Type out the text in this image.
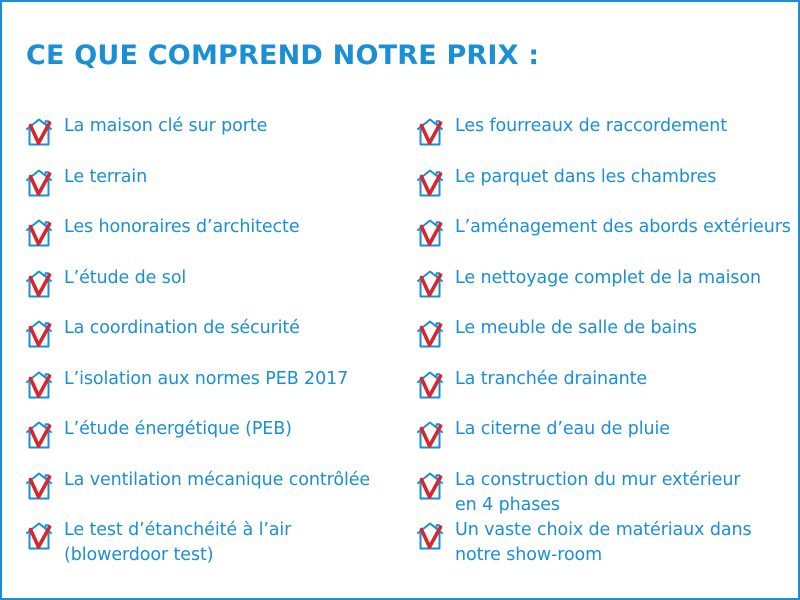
CE QUE COMPREND NOTRE PRIX :
La maison clé sur porte
Le terrain
Les honoraires d’architecte
L’étude de sol
La coordination de sécurité
L’isolation aux normes PEB 2017
L’étude énergétique (PEB)
La ventilation mécanique contrôlée
Le test d’étanchéité à l’air
(blowerdoor test)
Les fourreaux de raccordement
Le parquet dans les chambres
L’aménagement des abords extérieurs
Le nettoyage complet de la maison
Le meuble de salle de bains
La tranchée drainante
La citerne d’eau de pluie
La construction du mur extérieur
en 4 phases
Un vaste choix de matériaux dans
notre show-room
